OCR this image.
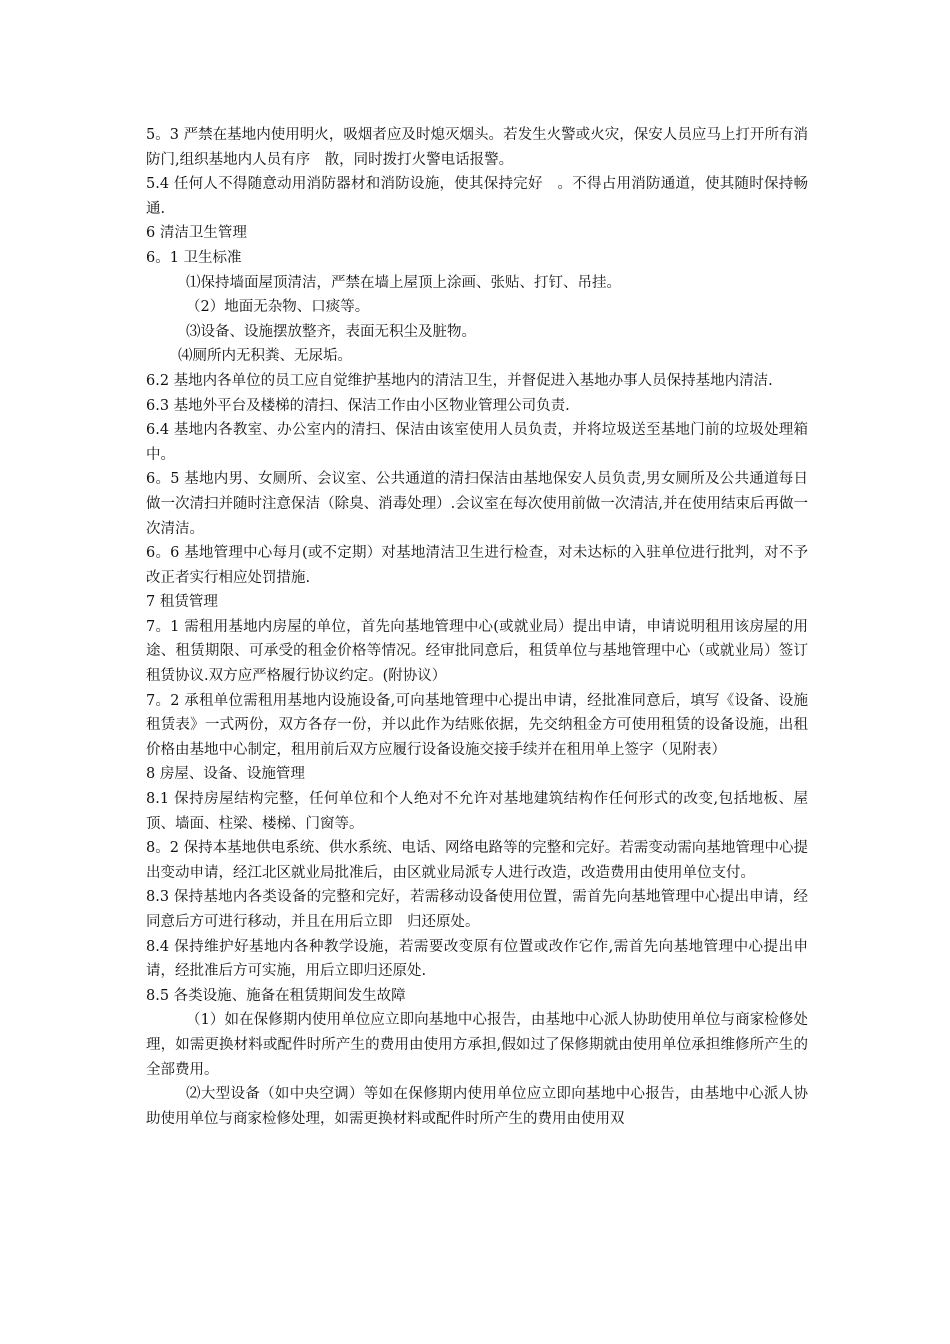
5。3 严禁在基地内使用明火，吸烟者应及时熄灭烟头。若发生火警或火灾，保安人员应马上打开所有消防门,组织基地内人员有序　散，同时拨打火警电话报警。

5.4 任何人不得随意动用消防器材和消防设施，使其保持完好　。不得占用消防通道，使其随时保持畅通.

6 清洁卫生管理

6。1 卫生标准

⑴保持墙面屋顶清洁，严禁在墙上屋顶上涂画、张贴、打钉、吊挂。

（2）地面无杂物、口痰等。

⑶设备、设施摆放整齐，表面无积尘及脏物。

⑷厕所内无积粪、无尿垢。

6.2 基地内各单位的员工应自觉维护基地内的清洁卫生，并督促进入基地办事人员保持基地内清洁.

6.3 基地外平台及楼梯的清扫、保洁工作由小区物业管理公司负责.

6.4 基地内各教室、办公室内的清扫、保洁由该室使用人员负责，并将垃圾送至基地门前的垃圾处理箱中。

6。5 基地内男、女厕所、会议室、公共通道的清扫保洁由基地保安人员负责,男女厕所及公共通道每日做一次清扫并随时注意保洁（除臭、消毒处理）.会议室在每次使用前做一次清洁,并在使用结束后再做一次清洁。

6。6 基地管理中心每月(或不定期）对基地清洁卫生进行检查，对未达标的入驻单位进行批判，对不予改正者实行相应处罚措施.

7 租赁管理

7。1 需租用基地内房屋的单位，首先向基地管理中心(或就业局）提出申请，申请说明租用该房屋的用途、租赁期限、可承受的租金价格等情况。经审批同意后，租赁单位与基地管理中心（或就业局）签订租赁协议.双方应严格履行协议约定。(附协议）

7。2 承租单位需租用基地内设施设备,可向基地管理中心提出申请，经批准同意后，填写《设备、设施租赁表》一式两份，双方各存一份，并以此作为结账依据，先交纳租金方可使用租赁的设备设施，出租价格由基地中心制定，租用前后双方应履行设备设施交接手续并在租用单上签字（见附表）

8 房屋、设备、设施管理

8.1 保持房屋结构完整，任何单位和个人绝对不允许对基地建筑结构作任何形式的改变,包括地板、屋顶、墙面、柱梁、楼梯、门窗等。

8。2 保持本基地供电系统、供水系统、电话、网络电路等的完整和完好。若需变动需向基地管理中心提出变动申请，经江北区就业局批准后，由区就业局派专人进行改造，改造费用由使用单位支付。

8.3 保持基地内各类设备的完整和完好，若需移动设备使用位置，需首先向基地管理中心提出申请，经同意后方可进行移动，并且在用后立即　归还原处。

8.4 保持维护好基地内各种教学设施，若需要改变原有位置或改作它作,需首先向基地管理中心提出申请，经批准后方可实施，用后立即归还原处.

8.5 各类设施、施备在租赁期间发生故障

（1）如在保修期内使用单位应立即向基地中心报告，由基地中心派人协助使用单位与商家检修处理，如需更换材料或配件时所产生的费用由使用方承担,假如过了保修期就由使用单位承担维修所产生的全部费用。

⑵大型设备（如中央空调）等如在保修期内使用单位应立即向基地中心报告，由基地中心派人协助使用单位与商家检修处理，如需更换材料或配件时所产生的费用由使用双
